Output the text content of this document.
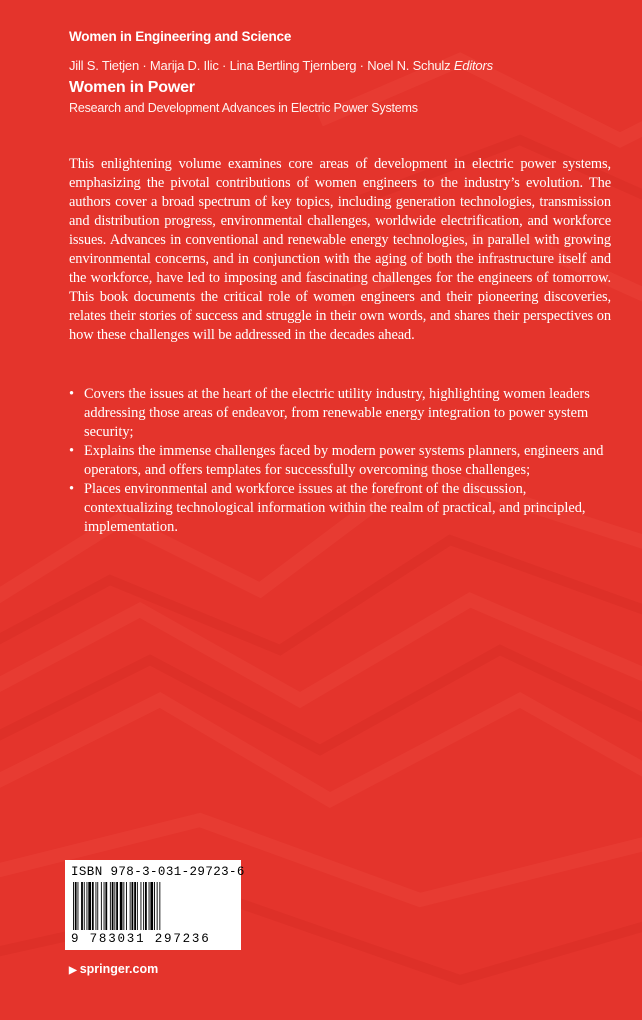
Women in Engineering and Science
Jill S. Tietjen · Marija D. Ilic · Lina Bertling Tjernberg · Noel N. Schulz Editors
Women in Power
Research and Development Advances in Electric Power Systems
This enlightening volume examines core areas of development in electric power systems, emphasizing the pivotal contributions of women engineers to the industry’s evolution. The authors cover a broad spectrum of key topics, including generation technologies, transmission and distribution progress, environmental challenges, worldwide electrification, and workforce issues. Advances in conventional and renewable energy technologies, in parallel with growing environmental concerns, and in conjunction with the aging of both the infrastructure itself and the workforce, have led to imposing and fascinating challenges for the engineers of tomorrow. This book documents the critical role of women engineers and their pioneering discoveries, relates their stories of success and struggle in their own words, and shares their perspectives on how these challenges will be addressed in the decades ahead.
• Covers the issues at the heart of the electric utility industry, highlighting women leaders addressing those areas of endeavor, from renewable energy integration to power system security;
• Explains the immense challenges faced by modern power systems planners, engineers and operators, and offers templates for successfully overcoming those challenges;
• Places environmental and workforce issues at the forefront of the discussion, contextualizing technological information within the realm of practical, and principled, implementation.
ISBN 978-3-031-29723-6
9 783031 297236
▶ springer.com
